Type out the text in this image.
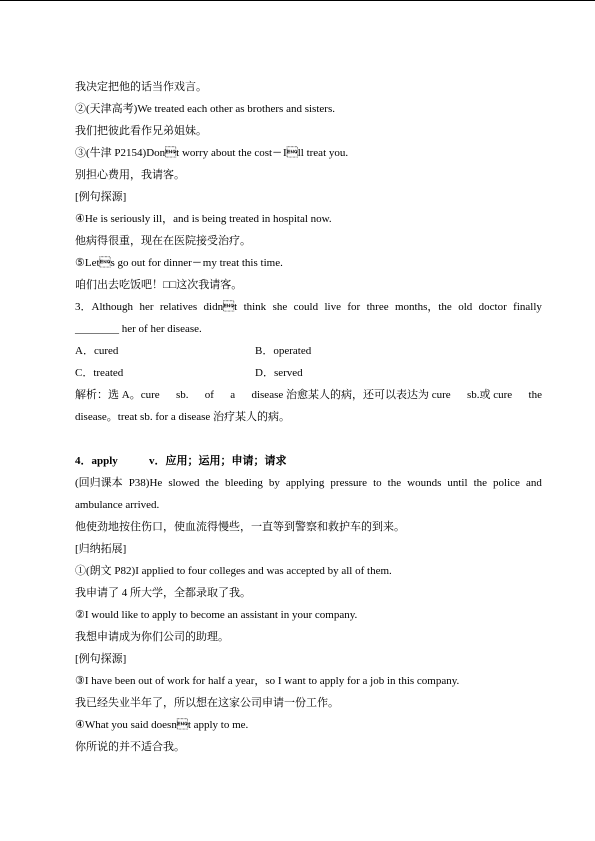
我决定把他的话当作戏言。
②(天津高考)We treated each other as brothers and sisters.
我们把彼此看作兄弟姐妹。
③(牛津 P2154)Dont worry about the cost－Ill treat you.
别担心费用，我请客。
[例句探源]
④He is seriously ill，and is being treated in hospital now.
他病得很重，现在在医院接受治疗。
⑤Lets go out for dinner－my treat this time.
咱们出去吃饭吧！□□这次我请客。
3．Although her relatives didnt think she could live for three months，the old doctor finally
________ her of her disease.
A．cured	B．operated
C．treated	D．served
解析：选 A。cure sb. of a disease 治愈某人的病，还可以表达为 cure sb.或 cure the
disease。treat sb. for a disease 治疗某人的病。
4．apply	v．应用；运用；申请；请求
(回归课本 P38)He slowed the bleeding by applying pressure to the wounds until the police and
ambulance arrived.
他使劲地按住伤口，使血流得慢些，一直等到警察和救护车的到来。
[归纳拓展]
①(朗文 P82)I applied to four colleges and was accepted by all of them.
我申请了 4 所大学，全都录取了我。
②I would like to apply to become an assistant in your company.
我想申请成为你们公司的助理。
[例句探源]
③I have been out of work for half a year，so I want to apply for a job in this company.
我已经失业半年了，所以想在这家公司申请一份工作。
④What you said doesnt apply to me.
你所说的并不适合我。
